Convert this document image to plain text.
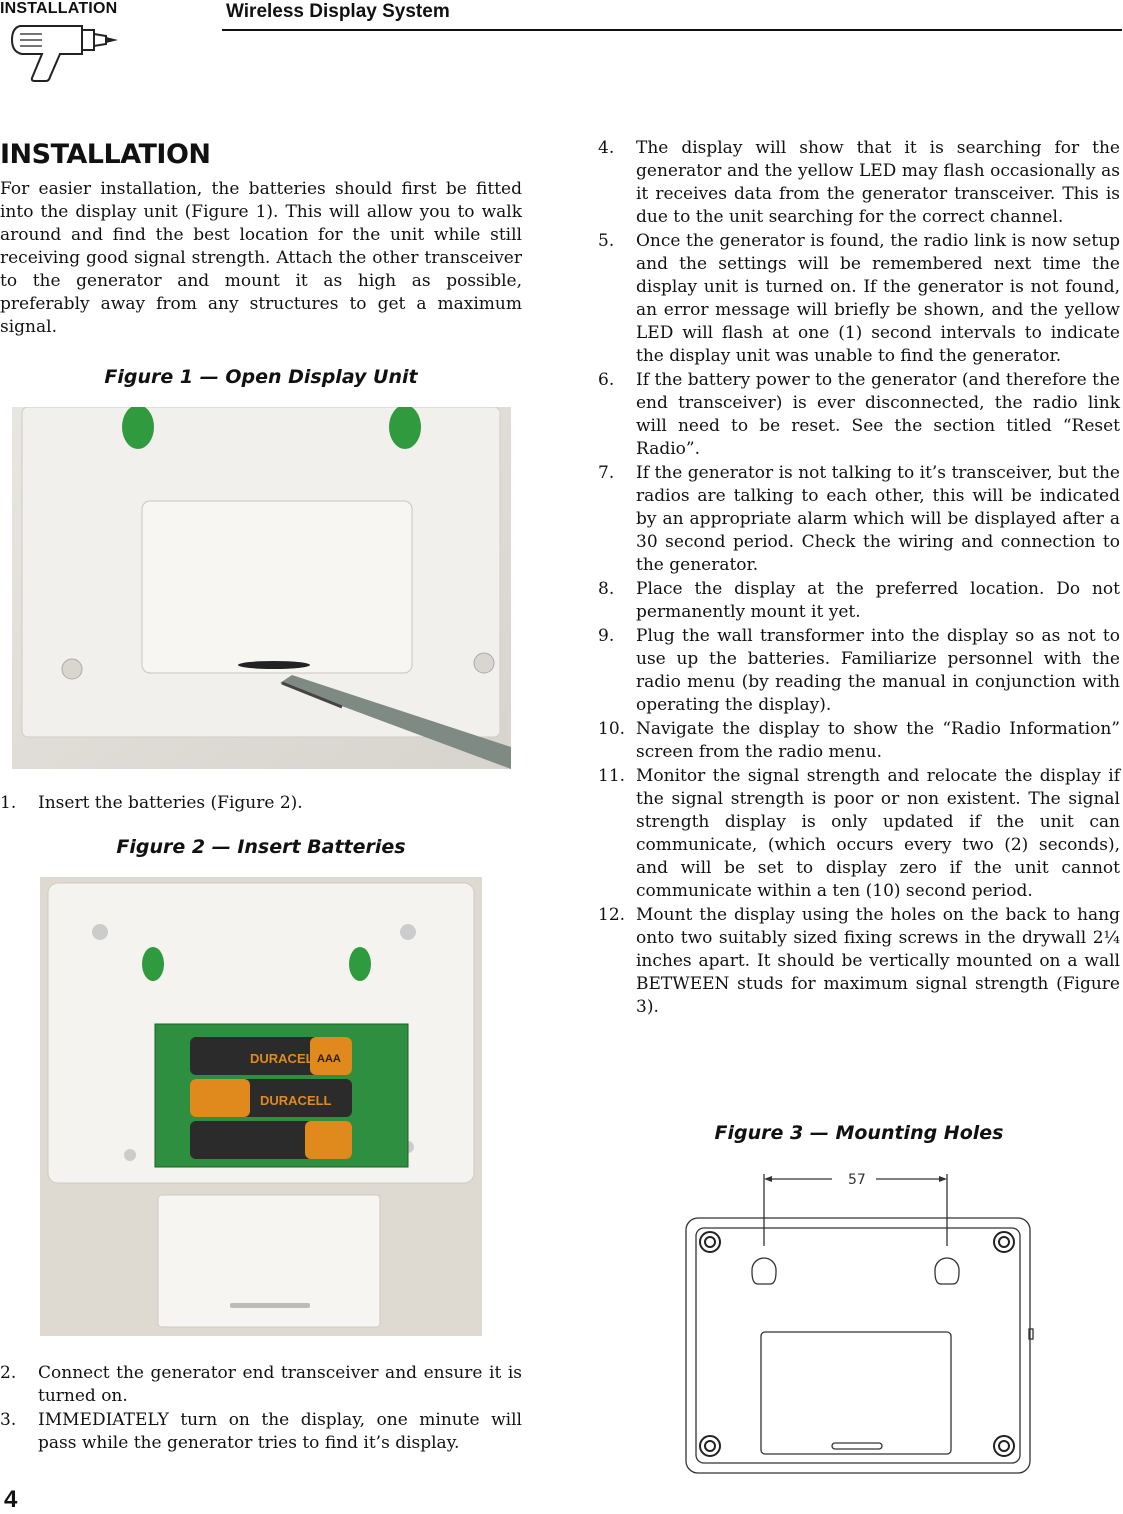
INSTALLATION	Wireless Display System
INSTALLATION

For easier installation, the batteries should first be fitted into the display unit (Figure 1). This will allow you to walk around and find the best location for the unit while still receiving good signal strength. Attach the other transceiver to the generator and mount it as high as possible, preferably away from any structures to get a maximum signal.

Figure 1 — Open Display Unit
1. Insert the batteries (Figure 2).
Figure 2 — Insert Batteries
DURACELL
AAA
DURACELL
2. Connect the generator end transceiver and ensure it is turned on.
3. IMMEDIATELY turn on the display, one minute will pass while the generator tries to find it’s display.
4. The display will show that it is searching for the generator and the yellow LED may flash occasionally as it receives data from the generator transceiver. This is due to the unit searching for the correct channel.
5. Once the generator is found, the radio link is now setup and the settings will be remembered next time the display unit is turned on. If the generator is not found, an error message will briefly be shown, and the yellow LED will flash at one (1) second intervals to indicate the display unit was unable to find the generator.
6. If the battery power to the generator (and therefore the end transceiver) is ever disconnected, the radio link will need to be reset. See the section titled “Reset Radio”.
7. If the generator is not talking to it’s transceiver, but the radios are talking to each other, this will be indicated by an appropriate alarm which will be displayed after a 30 second period. Check the wiring and connection to the generator.
8. Place the display at the preferred location. Do not permanently mount it yet.
9. Plug the wall transformer into the display so as not to use up the batteries. Familiarize personnel with the radio menu (by reading the manual in conjunction with operating the display).
10. Navigate the display to show the “Radio Information” screen from the radio menu.
11. Monitor the signal strength and relocate the display if the signal strength is poor or non existent. The signal strength display is only updated if the unit can communicate, (which occurs every two (2) seconds), and will be set to display zero if the unit cannot communicate within a ten (10) second period.
12. Mount the display using the holes on the back to hang onto two suitably sized fixing screws in the drywall 2¼ inches apart. It should be vertically mounted on a wall BETWEEN studs for maximum signal strength (Figure 3).
Figure 3 — Mounting Holes
57
4
